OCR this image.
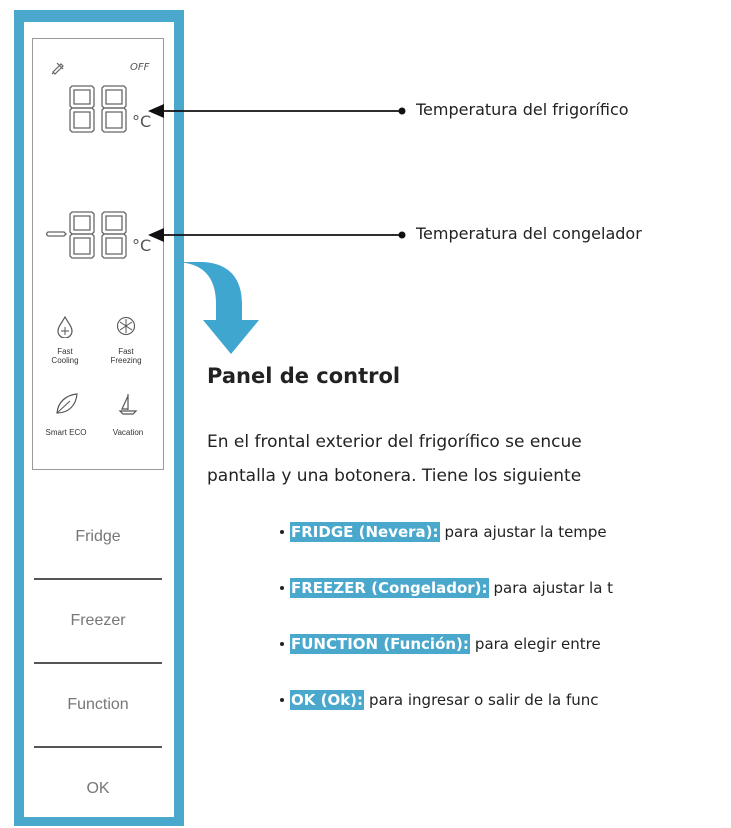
OFF
°C
°C
Fast
Cooling
Fast
Freezing
Smart ECO	Vacation
Fridge
Freezer
Function
OK
Temperatura del frigorífico
Temperatura del congelador
Panel de control
En el frontal exterior del frigorífico se encue
pantalla y una botonera. Tiene los siguiente
FRIDGE (Nevera): para ajustar la tempe
FREEZER (Congelador): para ajustar la t
FUNCTION (Función): para elegir entre
OK (Ok): para ingresar o salir de la func
